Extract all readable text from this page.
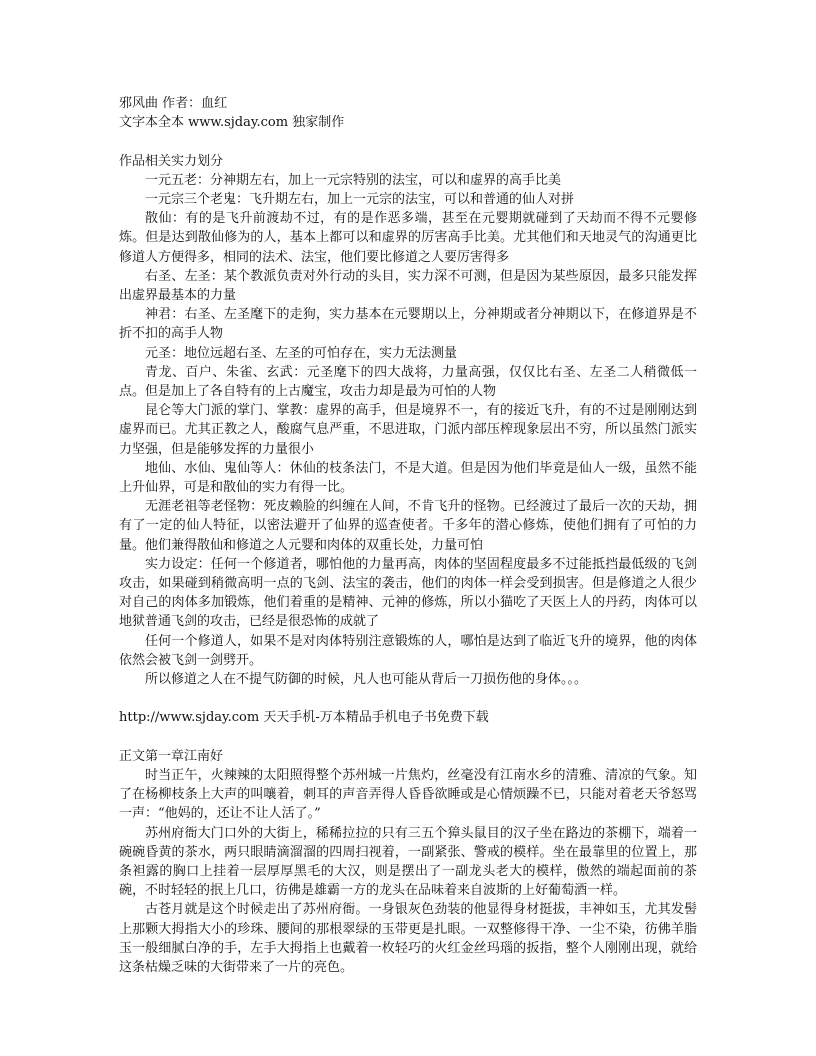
邪风曲 作者：血红

文字本全本 www.sjday.com 独家制作

作品相关实力划分

一元五老：分神期左右，加上一元宗特别的法宝，可以和虚界的高手比美

一元宗三个老鬼：飞升期左右，加上一元宗的法宝，可以和普通的仙人对拼

散仙：有的是飞升前渡劫不过，有的是作恶多端，甚至在元婴期就碰到了天劫而不得不元婴修炼。但是达到散仙修为的人，基本上都可以和虚界的厉害高手比美。尤其他们和天地灵气的沟通更比修道人方便得多，相同的法术、法宝，他们要比修道之人要厉害得多

右圣、左圣：某个教派负责对外行动的头目，实力深不可测，但是因为某些原因，最多只能发挥出虚界最基本的力量

神君：右圣、左圣麾下的走狗，实力基本在元婴期以上，分神期或者分神期以下，在修道界是不折不扣的高手人物

元圣：地位远超右圣、左圣的可怕存在，实力无法测量

青龙、百户、朱雀、玄武：元圣麾下的四大战将，力量高强，仅仅比右圣、左圣二人稍微低一点。但是加上了各自特有的上古魔宝，攻击力却是最为可怕的人物

昆仑等大门派的掌门、掌教：虚界的高手，但是境界不一，有的接近飞升，有的不过是刚刚达到虚界而已。尤其正教之人，酸腐气息严重，不思进取，门派内部压榨现象层出不穷，所以虽然门派实力坚强，但是能够发挥的力量很小

地仙、水仙、鬼仙等人：休仙的枝条法门，不是大道。但是因为他们毕竟是仙人一级，虽然不能上升仙界，可是和散仙的实力有得一比。

无涯老祖等老怪物：死皮赖脸的纠缠在人间，不肯飞升的怪物。已经渡过了最后一次的天劫，拥有了一定的仙人特征，以密法避开了仙界的巡查使者。千多年的潜心修炼，使他们拥有了可怕的力量。他们兼得散仙和修道之人元婴和肉体的双重长处，力量可怕

实力设定：任何一个修道者，哪怕他的力量再高，肉体的坚固程度最多不过能抵挡最低级的飞剑攻击，如果碰到稍微高明一点的飞剑、法宝的袭击，他们的肉体一样会受到损害。但是修道之人很少对自己的肉体多加锻炼，他们着重的是精神、元神的修炼，所以小猫吃了天医上人的丹药，肉体可以地狱普通飞剑的攻击，已经是很恐怖的成就了

任何一个修道人，如果不是对肉体特别注意锻炼的人，哪怕是达到了临近飞升的境界，他的肉体依然会被飞剑一剑劈开。

所以修道之人在不提气防御的时候，凡人也可能从背后一刀损伤他的身体。。。

http://www.sjday.com 天天手机-万本精品手机电子书免费下载

正文第一章江南好

时当正午，火辣辣的太阳照得整个苏州城一片焦灼，丝毫没有江南水乡的清雅、清凉的气象。知了在杨柳枝条上大声的叫嚷着，刺耳的声音弄得人昏昏欲睡或是心情烦躁不已，只能对着老天爷怒骂一声：“他妈的，还让不让人活了。”

苏州府衙大门口外的大街上，稀稀拉拉的只有三五个獐头鼠目的汉子坐在路边的茶棚下，端着一碗碗昏黄的茶水，两只眼睛滴溜溜的四周扫视着，一副紧张、警戒的模样。坐在最靠里的位置上，那条袒露的胸口上挂着一层厚厚黑毛的大汉，则是摆出了一副龙头老大的模样，傲然的端起面前的茶碗，不时轻轻的抿上几口，彷佛是雄霸一方的龙头在品味着来自波斯的上好葡萄酒一样。

古苍月就是这个时候走出了苏州府衙。一身银灰色劲装的他显得身材挺拔，丰神如玉，尤其发髻上那颗大拇指大小的珍珠、腰间的那根翠绿的玉带更是扎眼。一双整修得干净、一尘不染，彷佛羊脂玉一般细腻白净的手，左手大拇指上也戴着一枚轻巧的火红金丝玛瑙的扳指，整个人刚刚出现，就给这条枯燥乏味的大街带来了一片的亮色。
